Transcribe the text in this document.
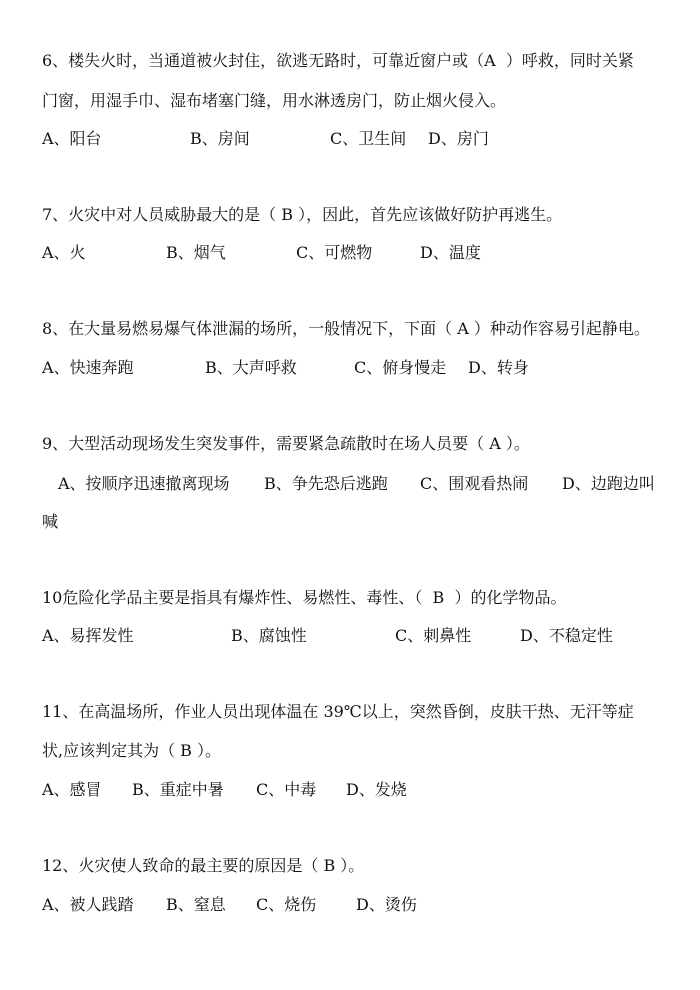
6、楼失火时，当通道被火封住，欲逃无路时，可靠近窗户或（A  ）呼救，同时关紧
门窗，用湿手巾、湿布堵塞门缝，用水淋透房门，防止烟火侵入。
A、阳台	B、房间	C、卫生间 D、房门
7、火灾中对人员威胁最大的是（ B ），因此，首先应该做好防护再逃生。
A、火	B、烟气	C、可燃物	D、温度
8、在大量易燃易爆气体泄漏的场所，一般情况下，下面（ A ）种动作容易引起静电。
A、快速奔跑	B、大声呼救	C、俯身慢走 D、转身
9、大型活动现场发生突发事件，需要紧急疏散时在场人员要（ A ）。
A、按顺序迅速撤离现场 B、争先恐后逃跑 C、围观看热闹 D、边跑边叫
喊
10危险化学品主要是指具有爆炸性、易燃性、毒性、（  B  ）的化学物品。
A、易挥发性	B、腐蚀性	C、刺鼻性	D、不稳定性
11、在高温场所，作业人员出现体温在 39℃以上，突然昏倒，皮肤干热、无汗等症
状,应该判定其为（ B ）。
A、感冒 B、重症中暑 C、中毒 D、发烧
12、火灾使人致命的最主要的原因是（ B ）。
A、被人践踏 B、窒息 C、烧伤 D、烫伤
